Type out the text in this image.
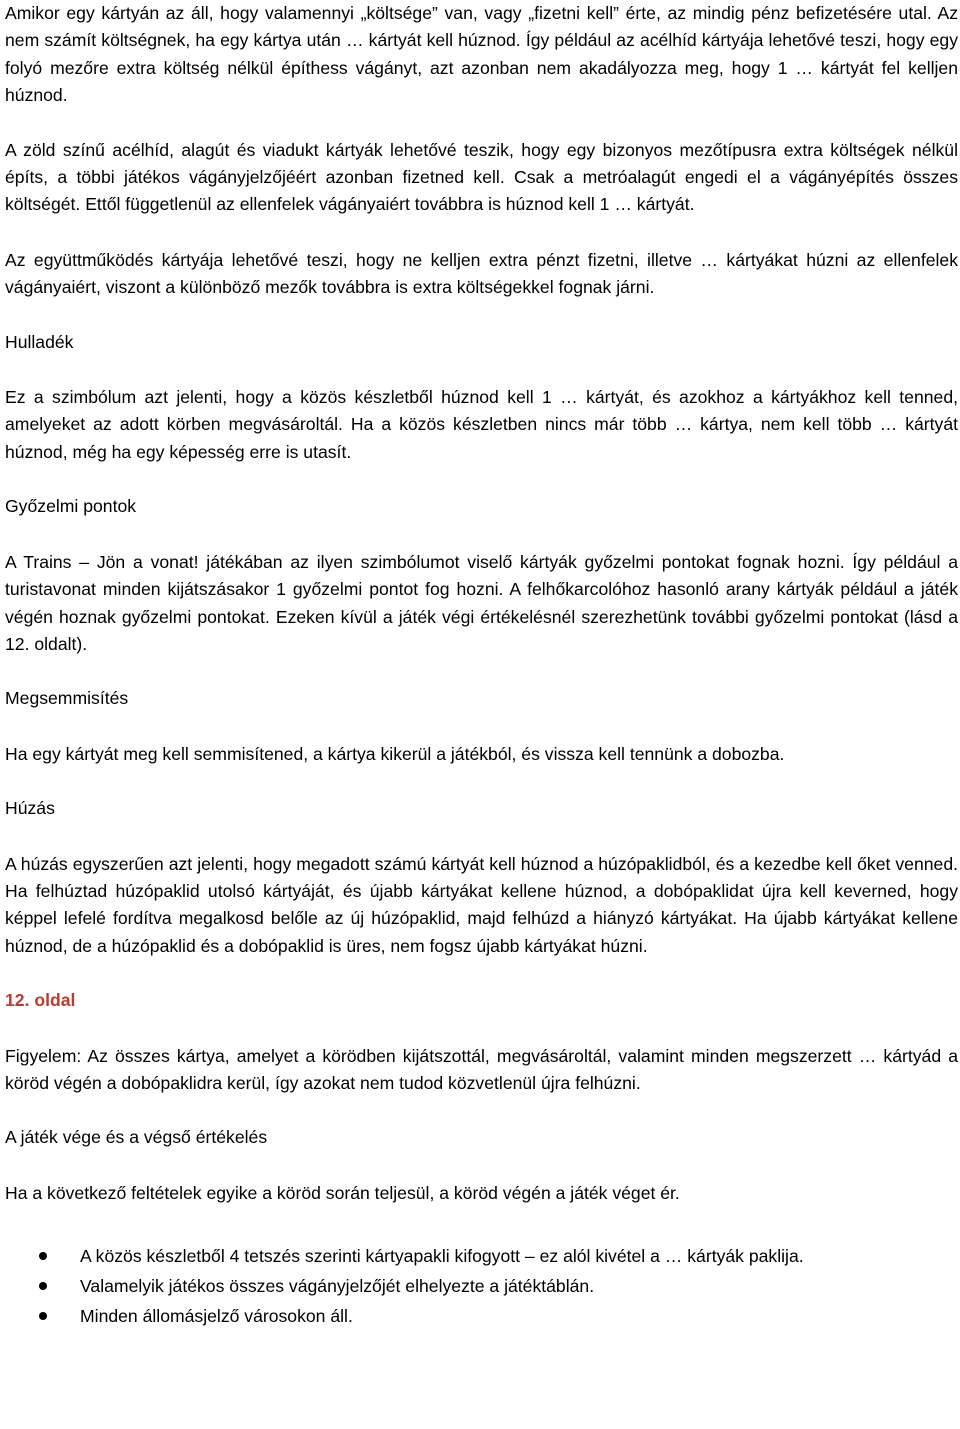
Amikor egy kártyán az áll, hogy valamennyi „költsége” van, vagy „fizetni kell” érte, az mindig pénz befizetésére utal. Az nem számít költségnek, ha egy kártya után … kártyát kell húznod. Így például az acélhíd kártyája lehetővé teszi, hogy egy folyó mezőre extra költség nélkül építhess vágányt, azt azonban nem akadályozza meg, hogy 1 … kártyát fel kelljen húznod.

A zöld színű acélhíd, alagút és viadukt kártyák lehetővé teszik, hogy egy bizonyos mezőtípusra extra költségek nélkül építs, a többi játékos vágányjelzőjéért azonban fizetned kell. Csak a metróalagút engedi el a vágányépítés összes költségét. Ettől függetlenül az ellenfelek vágányaiért továbbra is húznod kell 1 … kártyát.

Az együttműködés kártyája lehetővé teszi, hogy ne kelljen extra pénzt fizetni, illetve … kártyákat húzni az ellenfelek vágányaiért, viszont a különböző mezők továbbra is extra költségekkel fognak járni.

Hulladék

Ez a szimbólum azt jelenti, hogy a közös készletből húznod kell 1 … kártyát, és azokhoz a kártyákhoz kell tenned, amelyeket az adott körben megvásároltál. Ha a közös készletben nincs már több … kártya, nem kell több … kártyát húznod, még ha egy képesség erre is utasít.

Győzelmi pontok

A Trains – Jön a vonat! játékában az ilyen szimbólumot viselő kártyák győzelmi pontokat fognak hozni. Így például a turistavonat minden kijátszásakor 1 győzelmi pontot fog hozni. A felhőkarcolóhoz hasonló arany kártyák például a játék végén hoznak győzelmi pontokat. Ezeken kívül a játék végi értékelésnél szerezhetünk további győzelmi pontokat (lásd a 12. oldalt).

Megsemmisítés

Ha egy kártyát meg kell semmisítened, a kártya kikerül a játékból, és vissza kell tennünk a dobozba.

Húzás

A húzás egyszerűen azt jelenti, hogy megadott számú kártyát kell húznod a húzópaklidból, és a kezedbe kell őket venned. Ha felhúztad húzópaklid utolsó kártyáját, és újabb kártyákat kellene húznod, a dobópaklidat újra kell keverned, hogy képpel lefelé fordítva megalkosd belőle az új húzópaklid, majd felhúzd a hiányzó kártyákat. Ha újabb kártyákat kellene húznod, de a húzópaklid és a dobópaklid is üres, nem fogsz újabb kártyákat húzni.

12. oldal

Figyelem: Az összes kártya, amelyet a körödben kijátszottál, megvásároltál, valamint minden megszerzett … kártyád a köröd végén a dobópaklidra kerül, így azokat nem tudod közvetlenül újra felhúzni.

A játék vége és a végső értékelés

Ha a következő feltételek egyike a köröd során teljesül, a köröd végén a játék véget ér.

A közös készletből 4 tetszés szerinti kártyapakli kifogyott – ez alól kivétel a … kártyák paklija.
Valamelyik játékos összes vágányjelzőjét elhelyezte a játéktáblán.
Minden állomásjelző városokon áll.
